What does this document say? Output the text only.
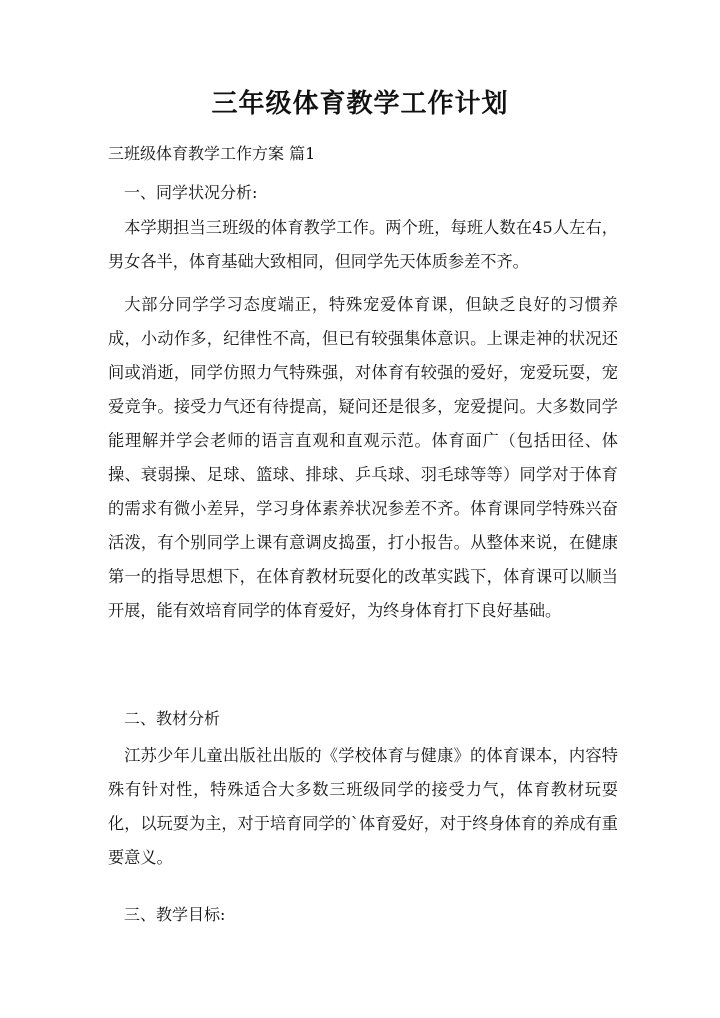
三年级体育教学工作计划
三班级体育教学工作方案 篇1
一、同学状况分析:
本学期担当三班级的体育教学工作。两个班，每班人数在45人左右，男女各半，体育基础大致相同，但同学先天体质参差不齐。
大部分同学学习态度端正，特殊宠爱体育课，但缺乏良好的习惯养成，小动作多，纪律性不高，但已有较强集体意识。上课走神的状况还间或消逝，同学仿照力气特殊强，对体育有较强的爱好，宠爱玩耍，宠爱竞争。接受力气还有待提高，疑问还是很多，宠爱提问。大多数同学能理解并学会老师的语言直观和直观示范。体育面广（包括田径、体操、衰弱操、足球、篮球、排球、乒乓球、羽毛球等等）同学对于体育的需求有微小差异，学习身体素养状况参差不齐。体育课同学特殊兴奋活泼，有个别同学上课有意调皮捣蛋，打小报告。从整体来说，在健康第一的指导思想下，在体育教材玩耍化的改革实践下，体育课可以顺当开展，能有效培育同学的体育爱好，为终身体育打下良好基础。
二、教材分析
江苏少年儿童出版社出版的《学校体育与健康》的体育课本，内容特殊有针对性，特殊适合大多数三班级同学的接受力气，体育教材玩耍化，以玩耍为主，对于培育同学的`体育爱好，对于终身体育的养成有重要意义。
三、教学目标:
